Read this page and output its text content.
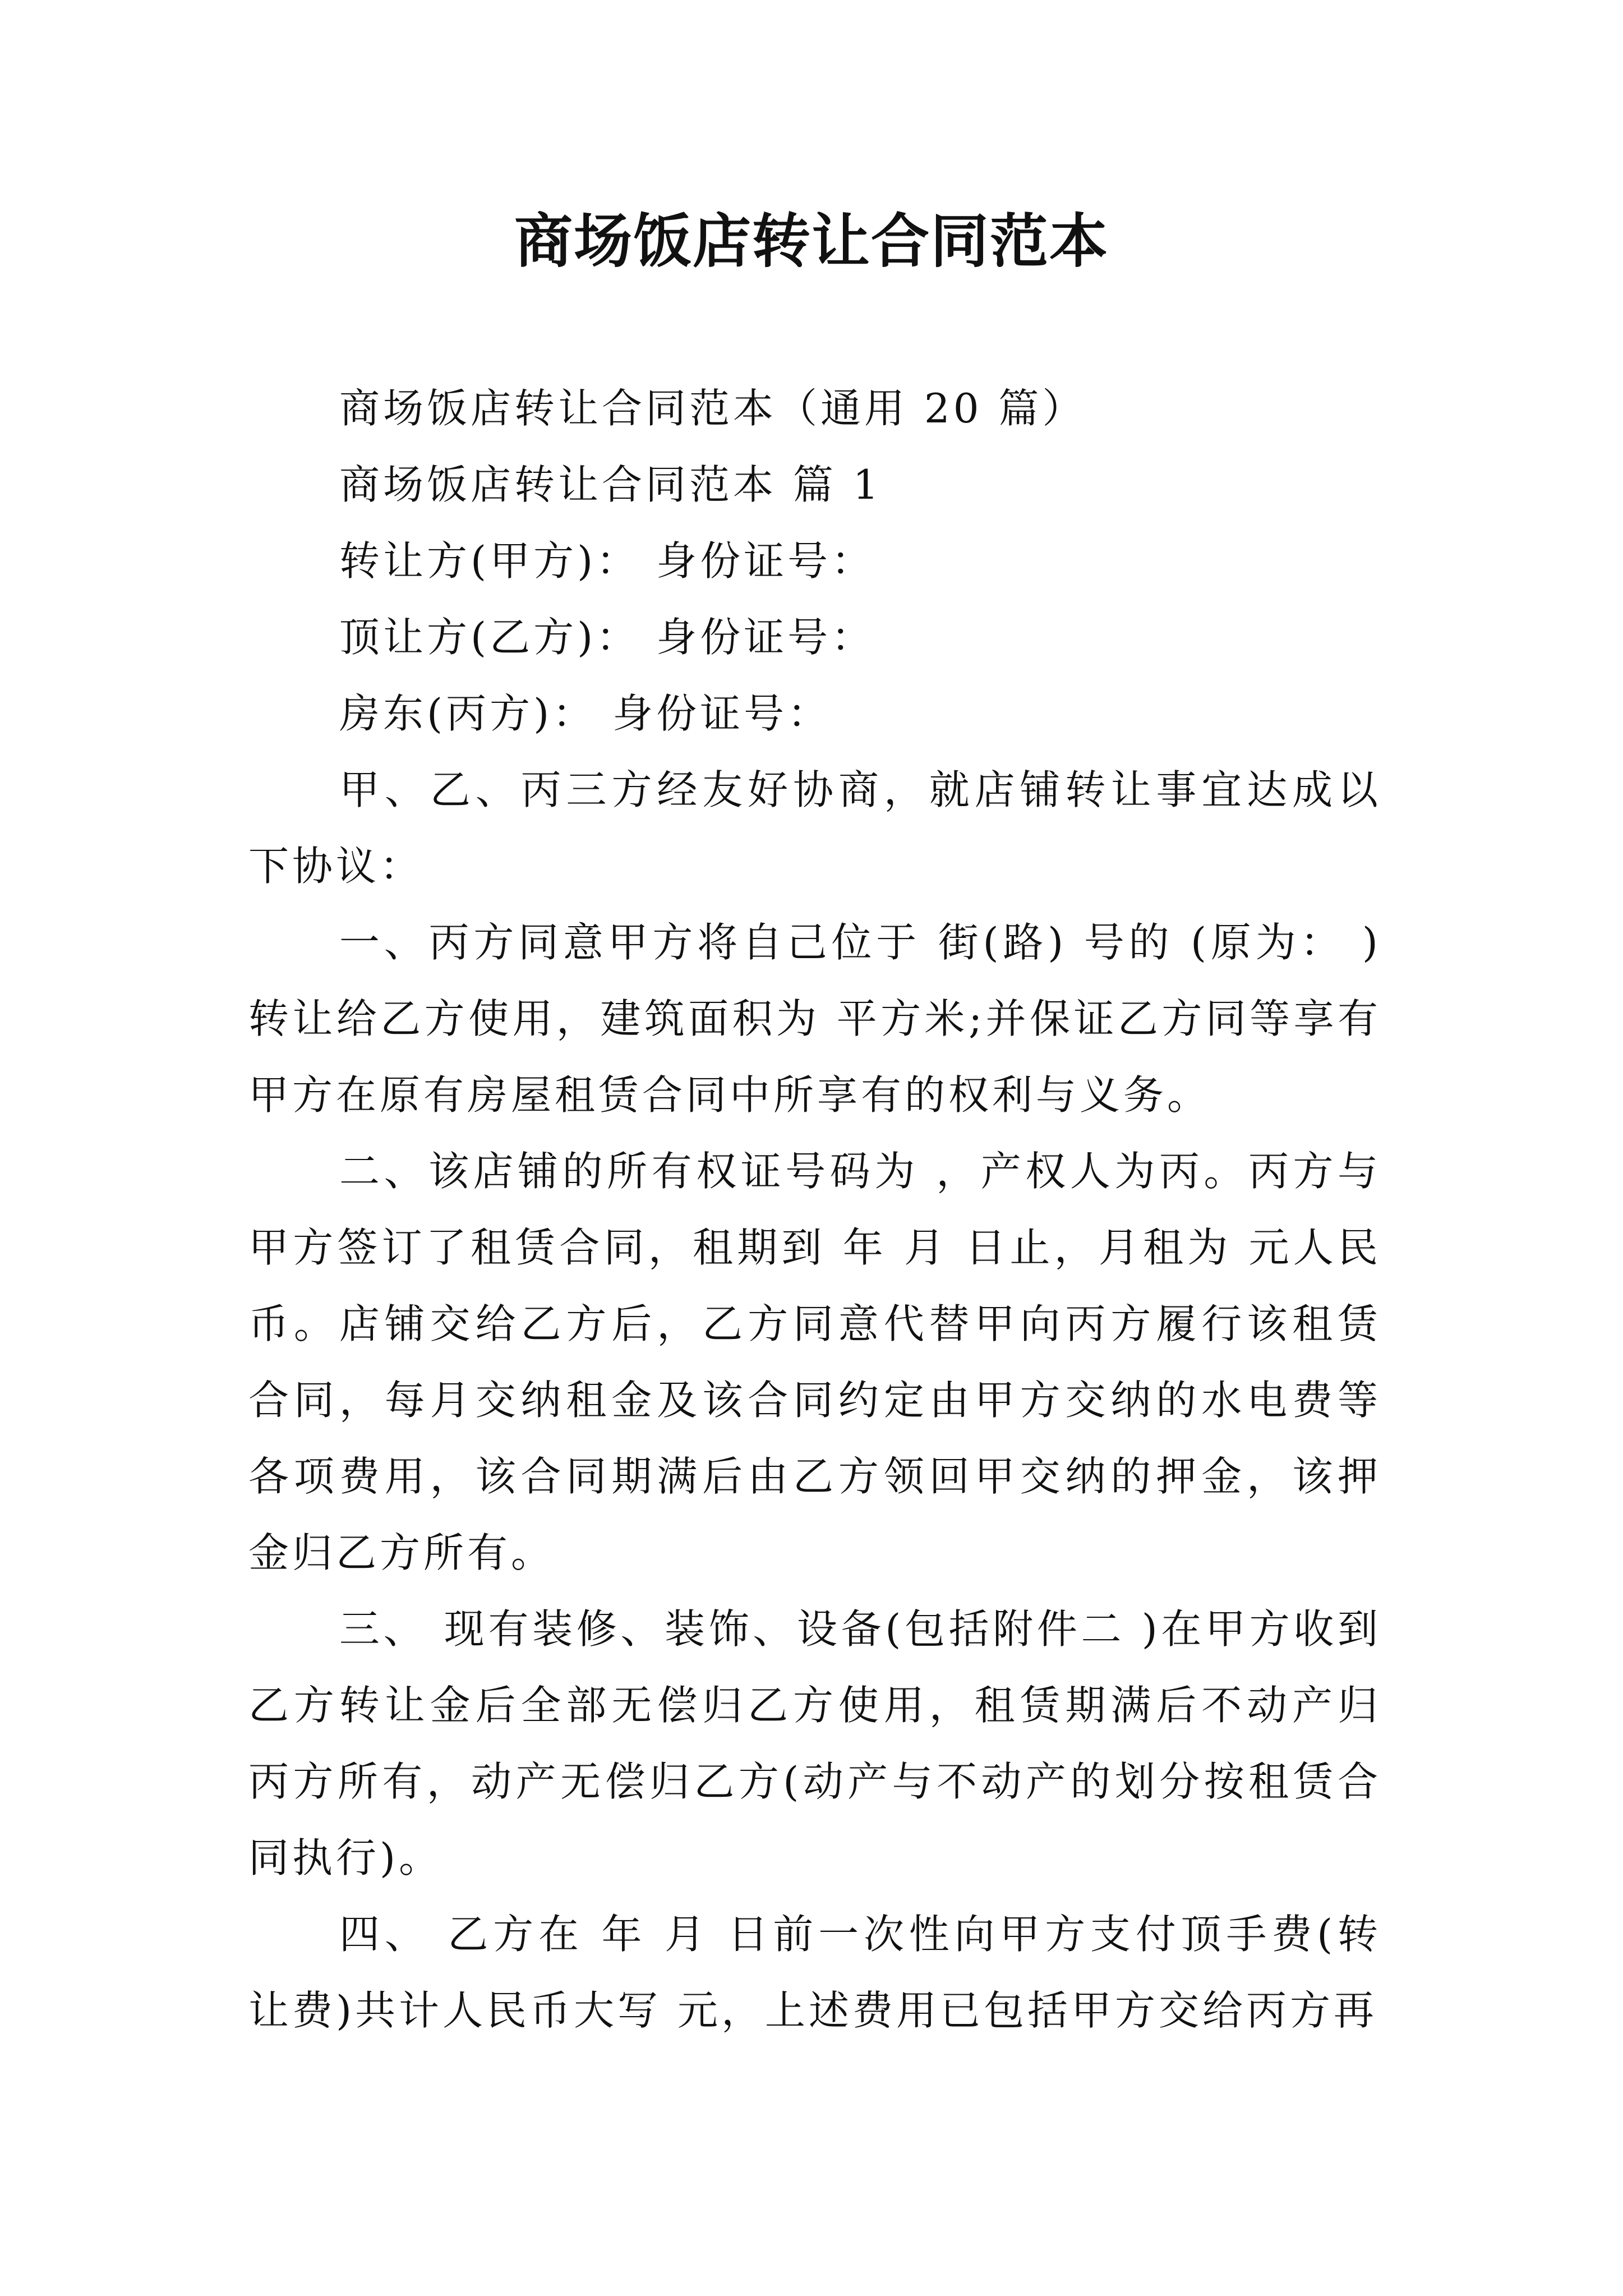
商场饭店转让合同范本

商场饭店转让合同范本（通用 20 篇）

商场饭店转让合同范本 篇 1

转让方(甲方)： 身份证号：

顶让方(乙方)： 身份证号：

房东(丙方)： 身份证号：

甲、乙、丙三方经友好协商，就店铺转让事宜达成以下协议：

一、丙方同意甲方将自己位于 街(路) 号的 (原为： )转让给乙方使用，建筑面积为 平方米;并保证乙方同等享有甲方在原有房屋租赁合同中所享有的权利与义务。

二、该店铺的所有权证号码为 ，产权人为丙。丙方与甲方签订了租赁合同，租期到 年 月 日止，月租为 元人民币。店铺交给乙方后，乙方同意代替甲向丙方履行该租赁合同，每月交纳租金及该合同约定由甲方交纳的水电费等各项费用，该合同期满后由乙方领回甲交纳的押金，该押金归乙方所有。

三、 现有装修、装饰、设备(包括附件二 )在甲方收到乙方转让金后全部无偿归乙方使用，租赁期满后不动产归丙方所有，动产无偿归乙方(动产与不动产的划分按租赁合同执行)。

四、 乙方在 年 月 日前一次性向甲方支付顶手费(转让费)共计人民币大写 元，上述费用已包括甲方交给丙方再
